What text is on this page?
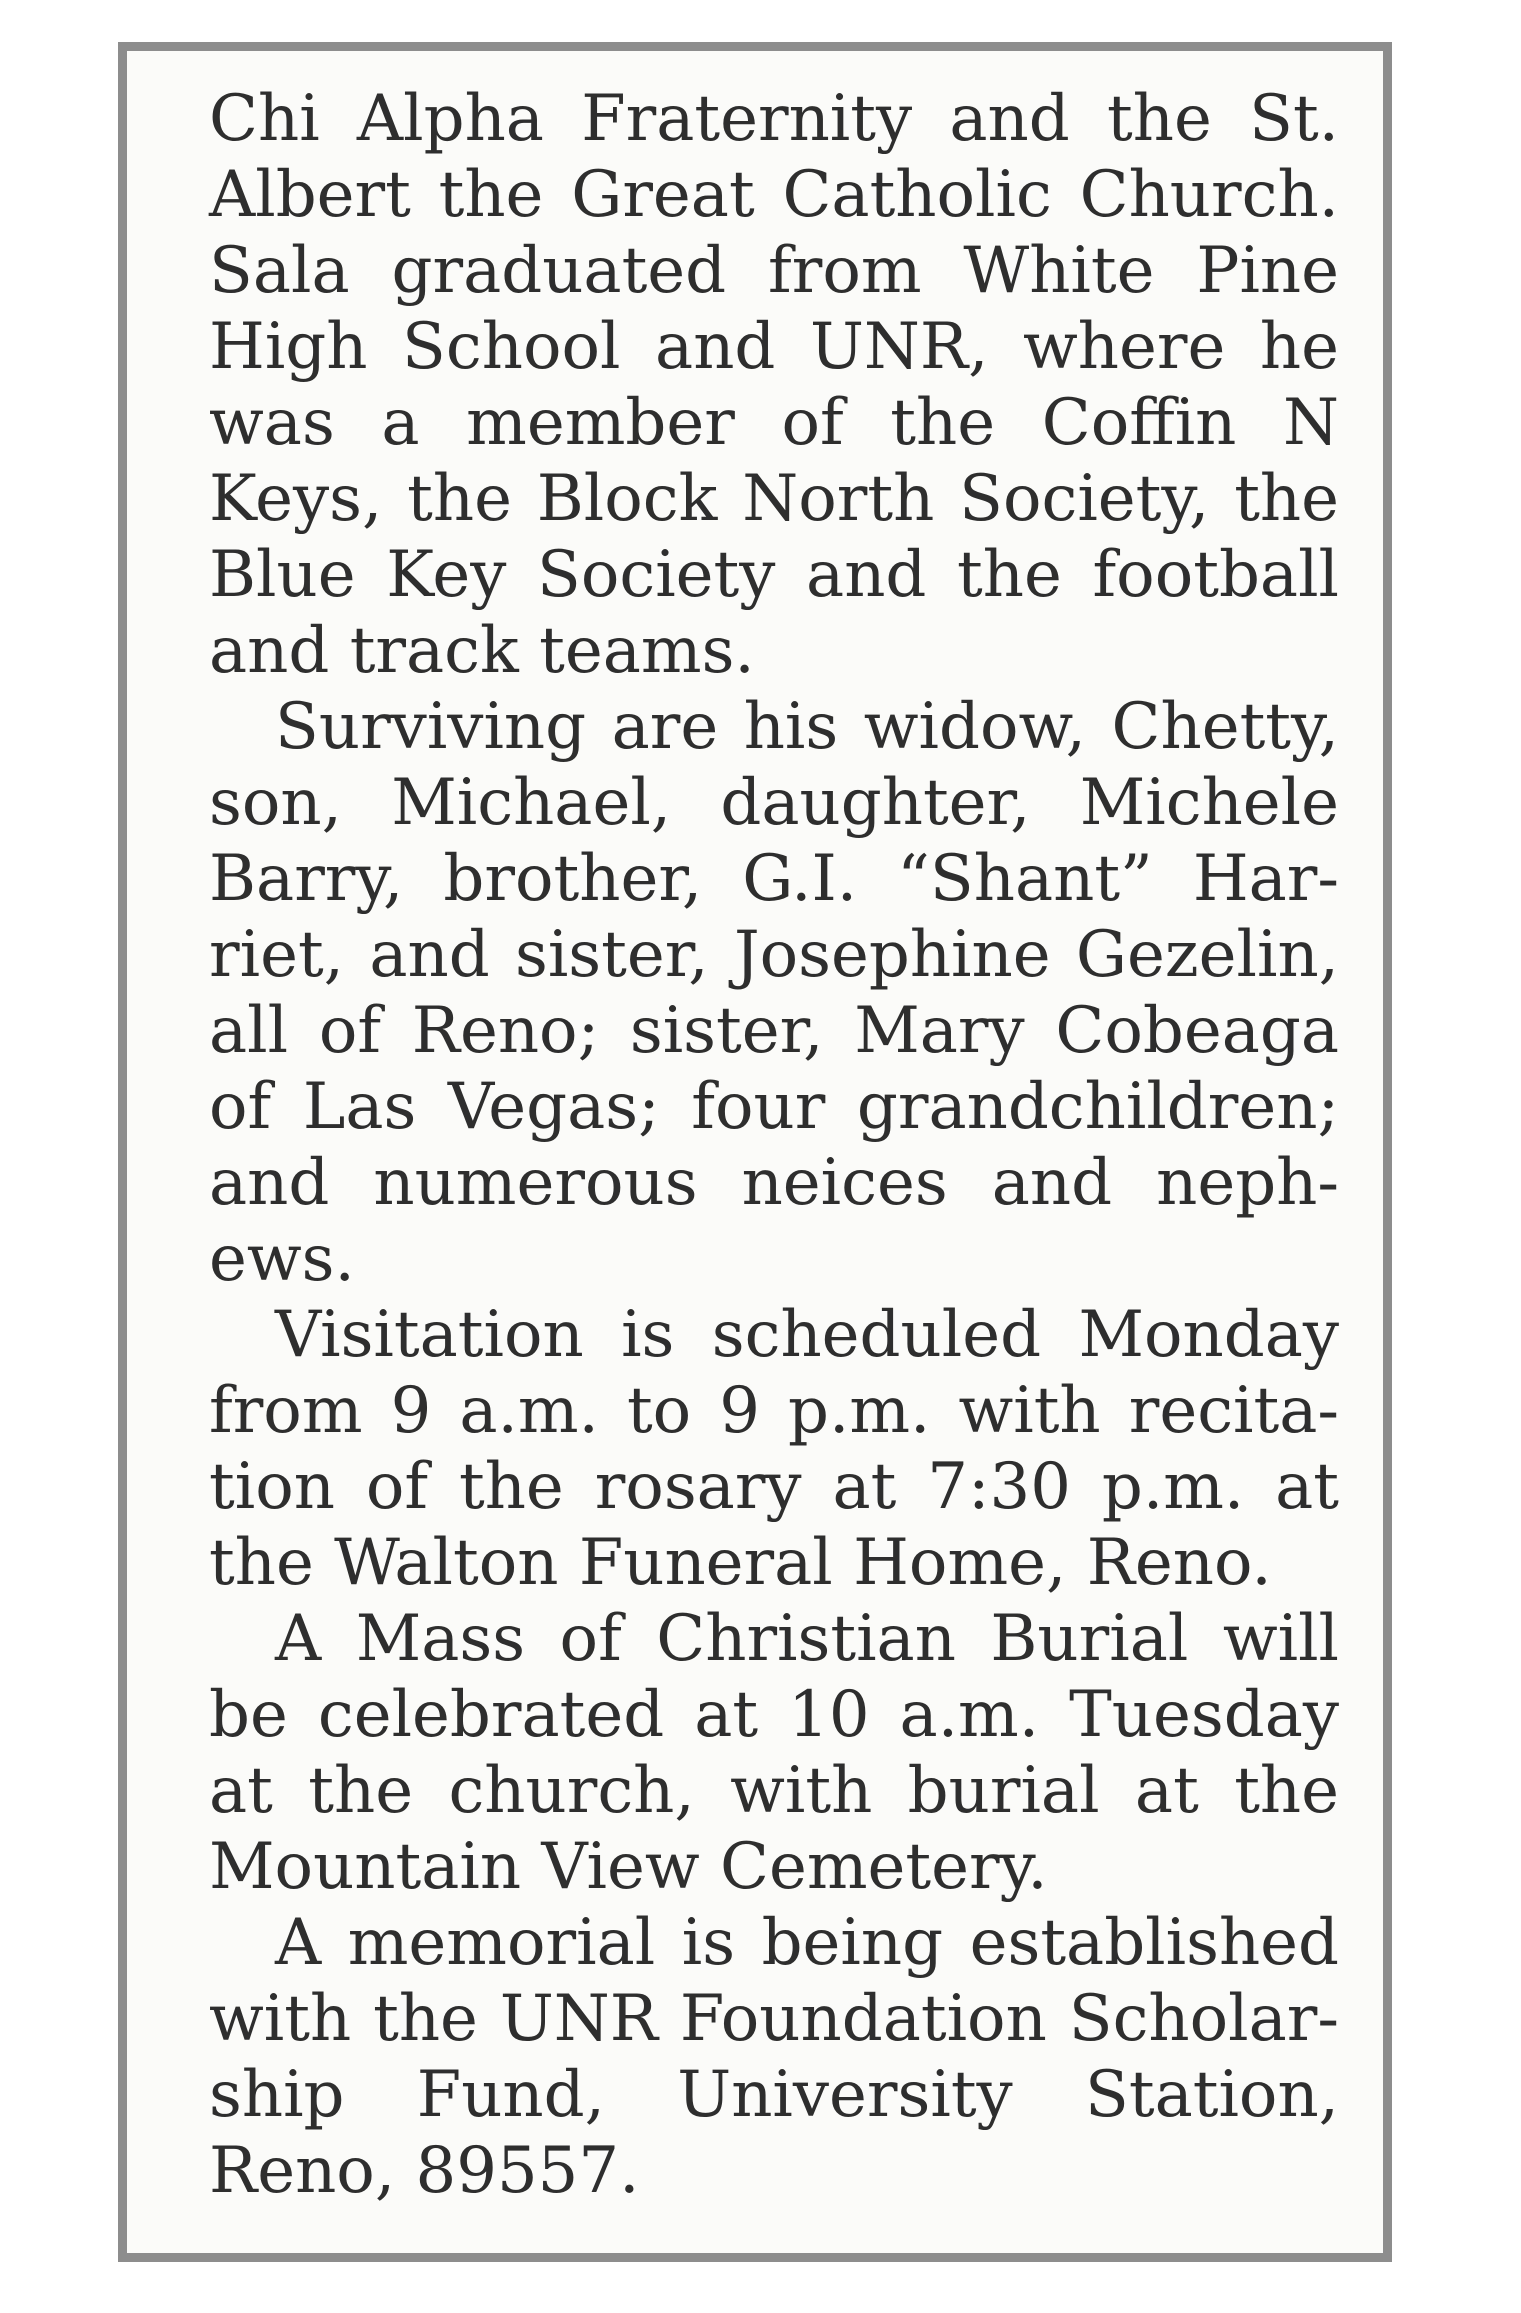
Chi Alpha Fraternity and the St.
Albert the Great Catholic Church.
Sala graduated from White Pine
High School and UNR, where he
was a member of the Coffin N
Keys, the Block North Society, the
Blue Key Society and the football
and track teams.

Surviving are his widow, Chetty,
son, Michael, daughter, Michele
Barry, brother, G.I. “Shant” Har-
riet, and sister, Josephine Gezelin,
all of Reno; sister, Mary Cobeaga
of Las Vegas; four grandchildren;
and numerous neices and neph-
ews.

Visitation is scheduled Monday
from 9 a.m. to 9 p.m. with recita-
tion of the rosary at 7:30 p.m. at
the Walton Funeral Home, Reno.

A Mass of Christian Burial will
be celebrated at 10 a.m. Tuesday
at the church, with burial at the
Mountain View Cemetery.

A memorial is being established
with the UNR Foundation Scholar-
ship Fund, University Station,
Reno, 89557.
